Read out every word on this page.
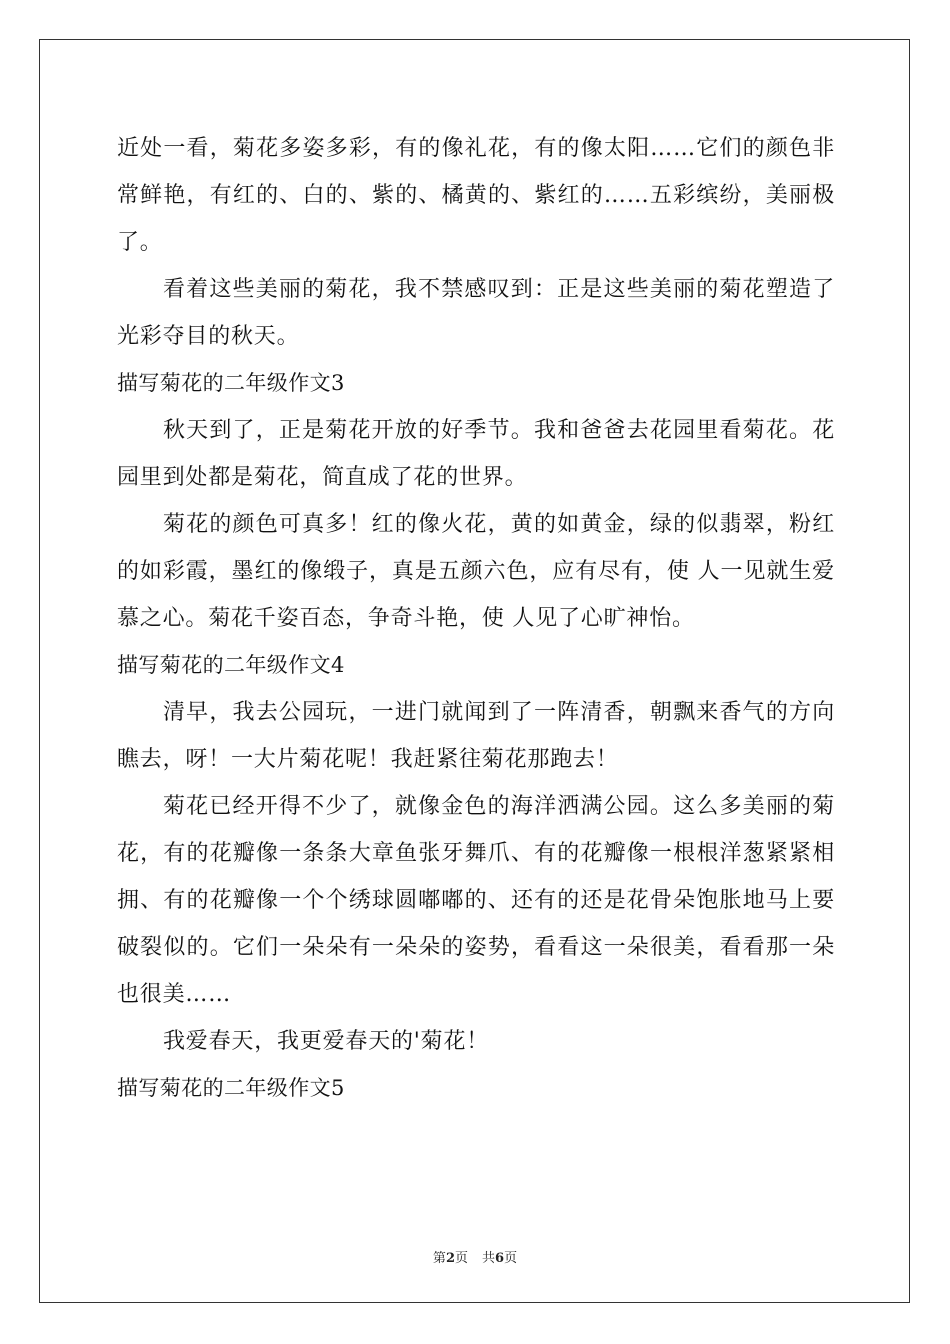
近处一看，菊花多姿多彩，有的像礼花，有的像太阳……它们的颜色非常鲜艳，有红的、白的、紫的、橘黄的、紫红的……五彩缤纷，美丽极了。

看着这些美丽的菊花，我不禁感叹到：正是这些美丽的菊花塑造了光彩夺目的秋天。

描写菊花的二年级作文3

秋天到了，正是菊花开放的好季节。我和爸爸去花园里看菊花。花园里到处都是菊花，简直成了花的世界。

菊花的颜色可真多！红的像火花，黄的如黄金，绿的似翡翠，粉红的如彩霞，墨红的像缎子，真是五颜六色，应有尽有，使 人一见就生爱慕之心。菊花千姿百态，争奇斗艳，使 人见了心旷神怡。

描写菊花的二年级作文4

清早，我去公园玩，一进门就闻到了一阵清香，朝飘来香气的方向瞧去，呀！一大片菊花呢！我赶紧往菊花那跑去！

菊花已经开得不少了，就像金色的海洋洒满公园。这么多美丽的菊花，有的花瓣像一条条大章鱼张牙舞爪、有的花瓣像一根根洋葱紧紧相拥、有的花瓣像一个个绣球圆嘟嘟的、还有的还是花骨朵饱胀地马上要破裂似的。它们一朵朵有一朵朵的姿势，看看这一朵很美，看看那一朵也很美……

我爱春天，我更爱春天的'菊花！

描写菊花的二年级作文5

第2页 共6页
